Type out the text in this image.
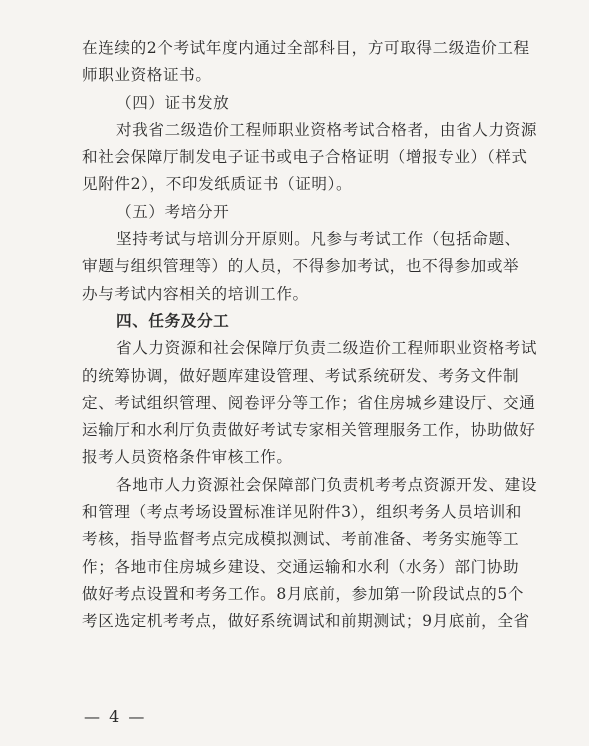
在连续的2个考试年度内通过全部科目，方可取得二级造价工程
师职业资格证书。
（四）证书发放
对我省二级造价工程师职业资格考试合格者，由省人力资源
和社会保障厅制发电子证书或电子合格证明（增报专业）（样式
见附件2），不印发纸质证书（证明）。
（五）考培分开
坚持考试与培训分开原则。凡参与考试工作（包括命题、
审题与组织管理等）的人员，不得参加考试，也不得参加或举
办与考试内容相关的培训工作。
四、任务及分工
省人力资源和社会保障厅负责二级造价工程师职业资格考试
的统筹协调，做好题库建设管理、考试系统研发、考务文件制
定、考试组织管理、阅卷评分等工作；省住房城乡建设厅、交通
运输厅和水利厅负责做好考试专家相关管理服务工作，协助做好
报考人员资格条件审核工作。
各地市人力资源社会保障部门负责机考考点资源开发、建设
和管理（考点考场设置标准详见附件3），组织考务人员培训和
考核，指导监督考点完成模拟测试、考前准备、考务实施等工
作；各地市住房城乡建设、交通运输和水利（水务）部门协助
做好考点设置和考务工作。8月底前，参加第一阶段试点的5个
考区选定机考考点，做好系统调试和前期测试；9月底前，全省
— 4 —
